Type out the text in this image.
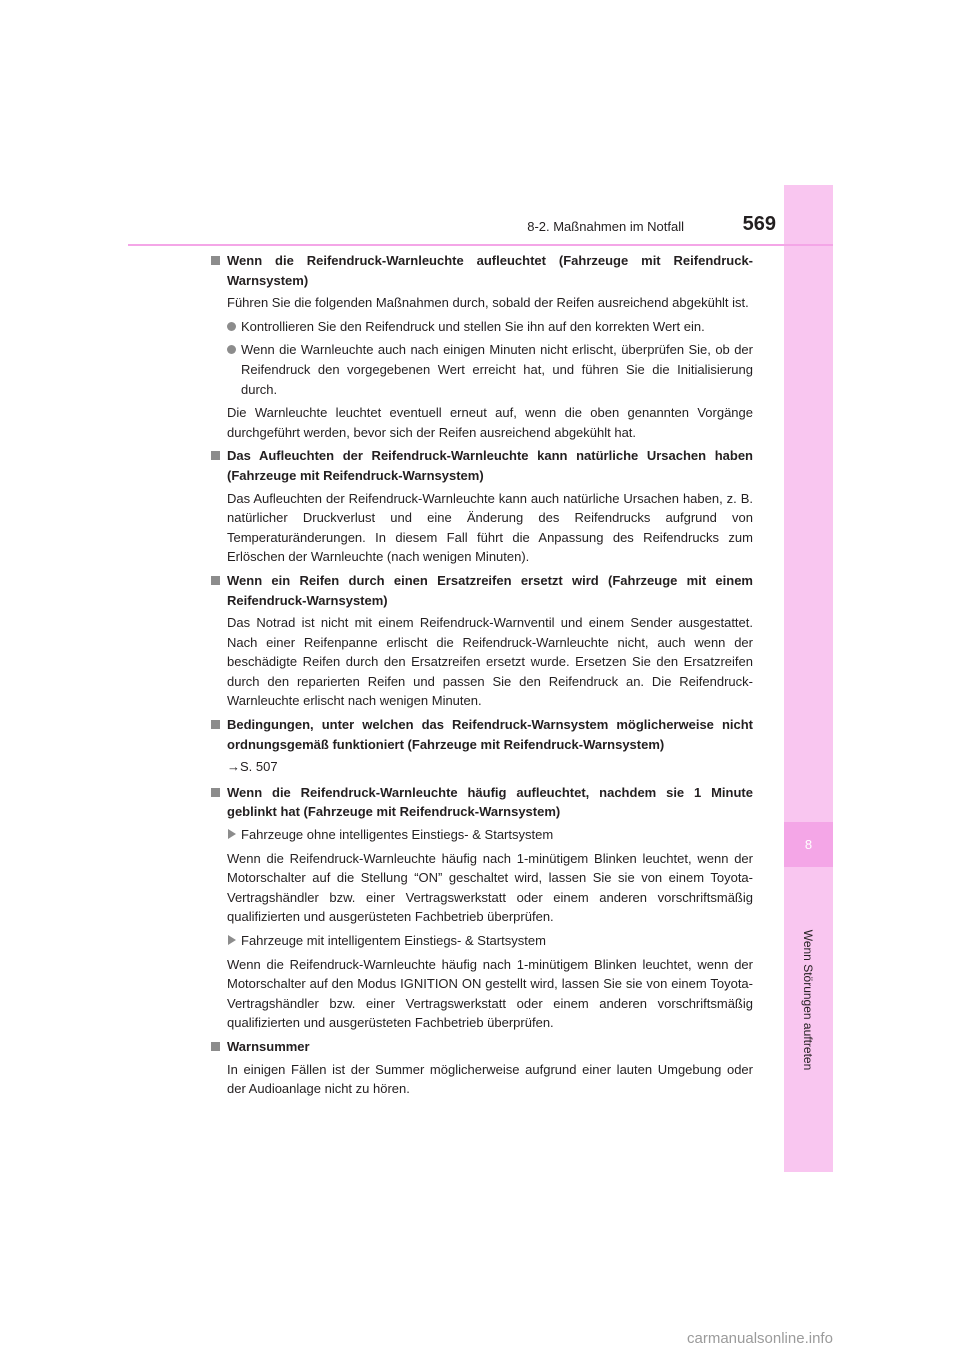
8
Wenn Störungen auftreten
8-2. Maßnahmen im Notfall	569
Wenn die Reifendruck-Warnleuchte aufleuchtet (Fahrzeuge mit Reifendruck-Warnsystem)

Führen Sie die folgenden Maßnahmen durch, sobald der Reifen ausreichend abgekühlt ist.

Kontrollieren Sie den Reifendruck und stellen Sie ihn auf den korrekten Wert ein.
Wenn die Warnleuchte auch nach einigen Minuten nicht erlischt, überprüfen Sie, ob der Reifendruck den vorgegebenen Wert erreicht hat, und führen Sie die Initialisierung durch.

Die Warnleuchte leuchtet eventuell erneut auf, wenn die oben genannten Vorgänge durchgeführt werden, bevor sich der Reifen ausreichend abgekühlt hat.

Das Aufleuchten der Reifendruck-Warnleuchte kann natürliche Ursachen haben (Fahrzeuge mit Reifendruck-Warnsystem)

Das Aufleuchten der Reifendruck-Warnleuchte kann auch natürliche Ursachen haben, z. B. natürlicher Druckverlust und eine Änderung des Reifendrucks aufgrund von Temperaturänderungen. In diesem Fall führt die Anpassung des Reifendrucks zum Erlöschen der Warnleuchte (nach wenigen Minuten).

Wenn ein Reifen durch einen Ersatzreifen ersetzt wird (Fahrzeuge mit einem Reifendruck-Warnsystem)

Das Notrad ist nicht mit einem Reifendruck-Warnventil und einem Sender ausgestattet. Nach einer Reifenpanne erlischt die Reifendruck-Warnleuchte nicht, auch wenn der beschädigte Reifen durch den Ersatzreifen ersetzt wurde. Ersetzen Sie den Ersatzreifen durch den reparierten Reifen und passen Sie den Reifendruck an. Die Reifendruck-Warnleuchte erlischt nach wenigen Minuten.

Bedingungen, unter welchen das Reifendruck-Warnsystem möglicherweise nicht ordnungsgemäß funktioniert (Fahrzeuge mit Reifendruck-Warnsystem)
→S. 507
Wenn die Reifendruck-Warnleuchte häufig aufleuchtet, nachdem sie 1 Minute geblinkt hat (Fahrzeuge mit Reifendruck-Warnsystem)
Fahrzeuge ohne intelligentes Einstiegs- & Startsystem

Wenn die Reifendruck-Warnleuchte häufig nach 1-minütigem Blinken leuchtet, wenn der Motorschalter auf die Stellung “ON” geschaltet wird, lassen Sie sie von einem Toyota-Vertragshändler bzw. einer Vertragswerkstatt oder einem anderen vorschriftsmäßig qualifizierten und ausgerüsteten Fachbetrieb überprüfen.

Fahrzeuge mit intelligentem Einstiegs- & Startsystem

Wenn die Reifendruck-Warnleuchte häufig nach 1-minütigem Blinken leuchtet, wenn der Motorschalter auf den Modus IGNITION ON gestellt wird, lassen Sie sie von einem Toyota-Vertragshändler bzw. einer Vertragswerkstatt oder einem anderen vorschriftsmäßig qualifizierten und ausgerüsteten Fachbetrieb überprüfen.

Warnsummer

In einigen Fällen ist der Summer möglicherweise aufgrund einer lauten Umgebung oder der Audioanlage nicht zu hören.

carmanualsonline.info
